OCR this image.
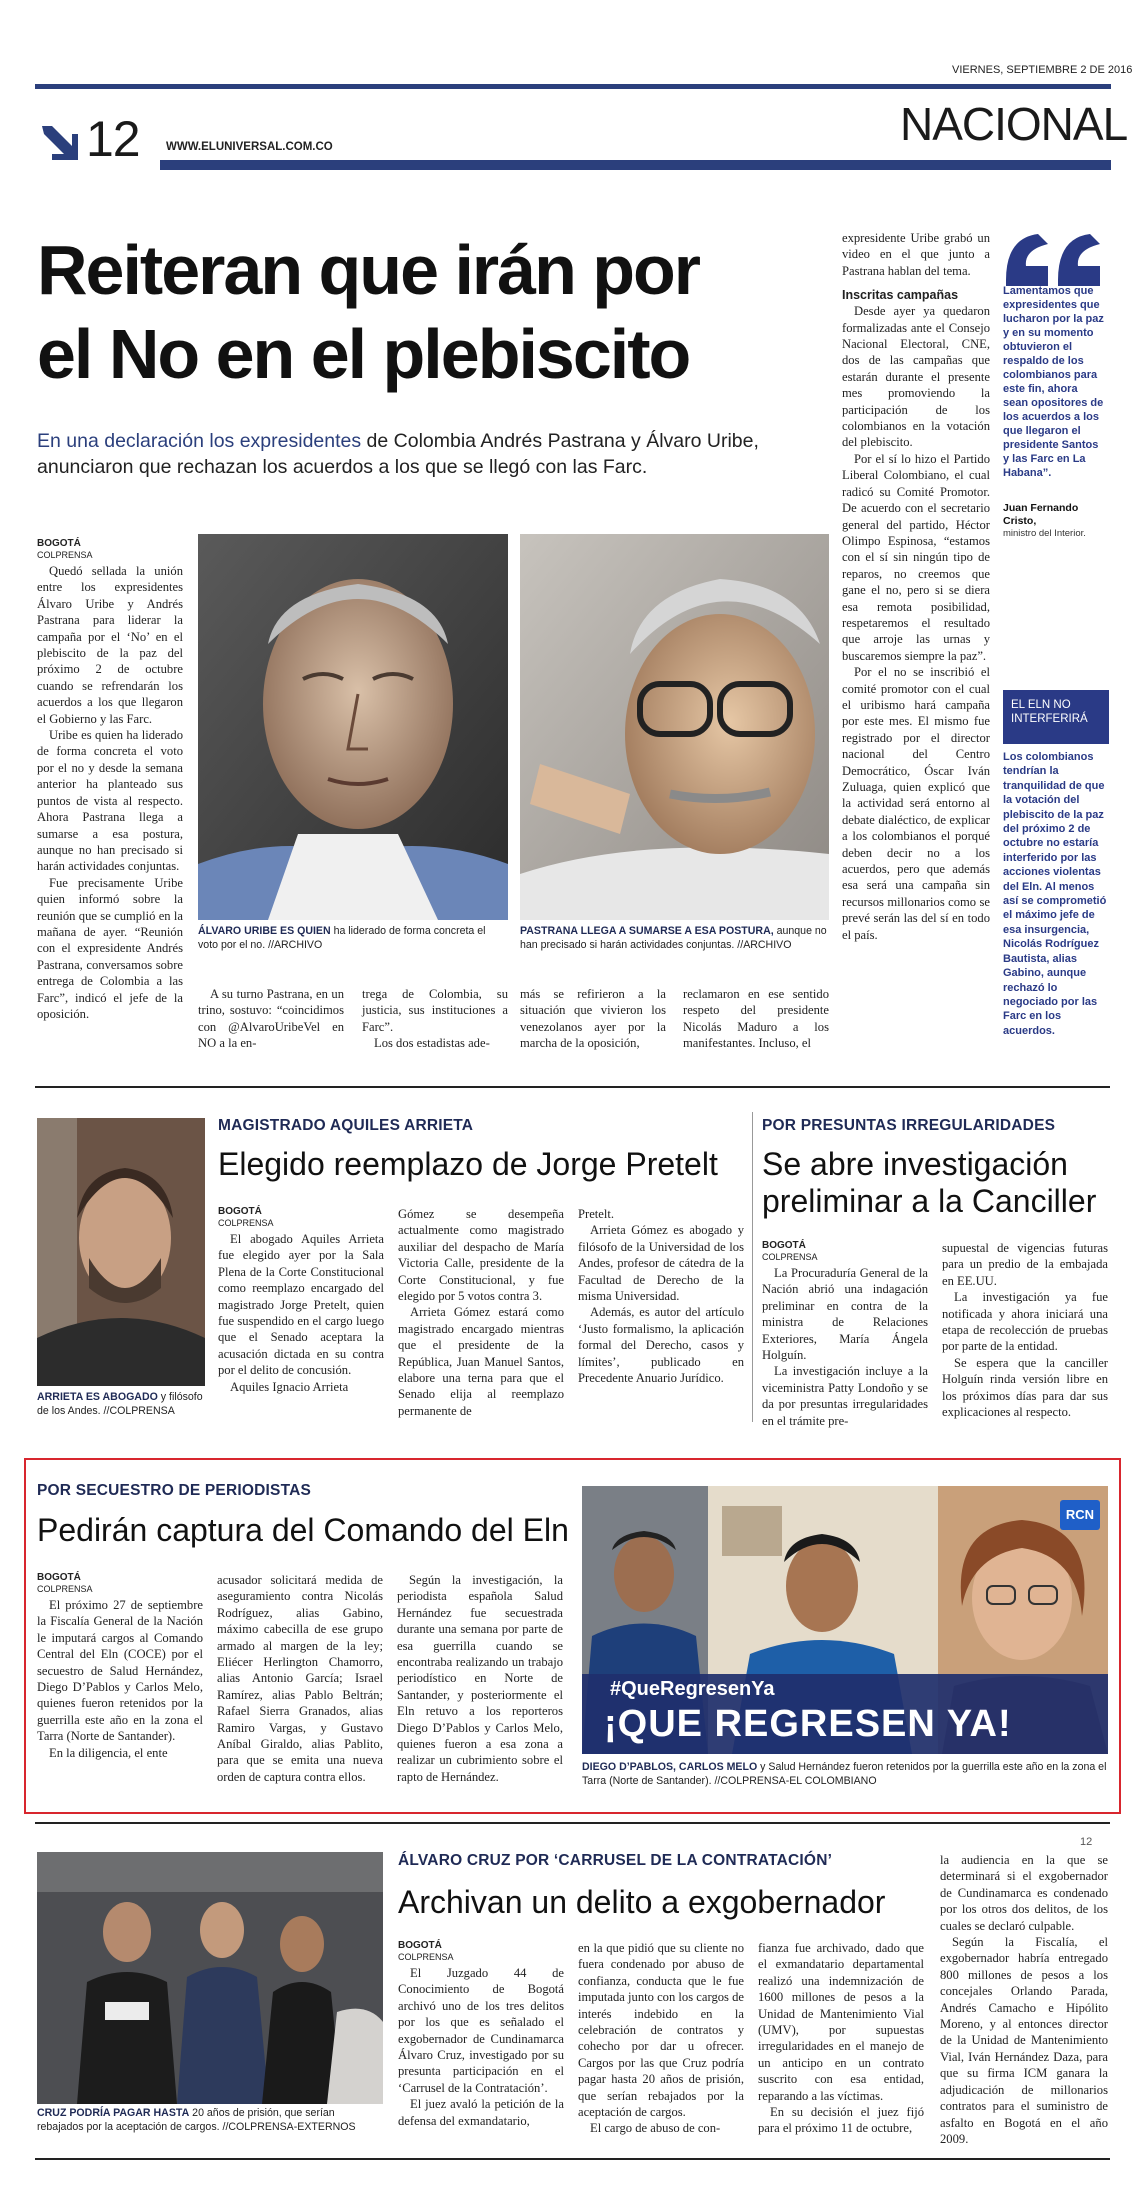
VIERNES, SEPTIEMBRE 2 DE 2016
12 WWW.ELUNIVERSAL.COM.CO	NACIONAL
Reiteran que irán por
el No en el plebiscito
En una declaración los expresidentes de Colombia Andrés Pastrana y Álvaro Uribe, anunciaron que rechazan los acuerdos a los que se llegó con las Farc.
BOGOTÁ
COLPRENSA

Quedó sellada la unión entre los expresidentes Álvaro Uribe y Andrés Pastrana para liderar la campaña por el ‘No’ en el plebiscito de la paz del próximo 2 de octubre cuando se refrendarán los acuerdos a los que llegaron el Gobierno y las Farc.

Uribe es quien ha liderado de forma concreta el voto por el no y desde la semana anterior ha planteado sus puntos de vista al respecto. Ahora Pastrana llega a sumarse a esa postura, aunque no han precisado si harán actividades conjuntas.

Fue precisamente Uribe quien informó sobre la reunión que se cumplió en la mañana de ayer. “Reunión con el expresidente Andrés Pastrana, conversamos sobre entrega de Colombia a las Farc”, indicó el jefe de la oposición.

ÁLVARO URIBE ES QUIEN ha liderado de forma concreta el voto por el no. //ARCHIVO
PASTRANA LLEGA A SUMARSE A ESA POSTURA, aunque no han precisado si harán actividades conjuntas. //ARCHIVO

A su turno Pastrana, en un trino, sostuvo: “coincidimos con @AlvaroUribeVel en NO a la en-

trega de Colombia, su justicia, sus instituciones a Farc”.

Los dos estadistas ade-

más se refirieron a la situación que vivieron los venezolanos ayer por la marcha de la oposición,

reclamaron en ese sentido respeto del presidente Nicolás Maduro a los manifestantes. Incluso, el

expresidente Uribe grabó un video en el que junto a Pastrana hablan del tema.

Inscritas campañas

Desde ayer ya quedaron formalizadas ante el Consejo Nacional Electoral, CNE, dos de las campañas que estarán durante el presente mes promoviendo la participación de los colombianos en la votación del plebiscito.

Por el sí lo hizo el Partido Liberal Colombiano, el cual radicó su Comité Promotor. De acuerdo con el secretario general del partido, Héctor Olimpo Espinosa, “estamos con el sí sin ningún tipo de reparos, no creemos que gane el no, pero si se diera esa remota posibilidad, respetaremos el resultado que arroje las urnas y buscaremos siempre la paz”.

Por el no se inscribió el comité promotor con el cual el uribismo hará campaña por este mes. El mismo fue registrado por el director nacional del Centro Democrático, Óscar Iván Zuluaga, quien explicó que la actividad será entorno al debate dialéctico, de explicar a los colombianos el porqué deben decir no a los acuerdos, pero que además esa será una campaña sin recursos millonarios como se prevé serán las del sí en todo el país.

Lamentamos que expresidentes que lucharon por la paz y en su momento obtuvieron el respaldo de los colombianos para este fin, ahora sean opositores de los acuerdos a los que llegaron el presidente Santos y las Farc en La Habana”.
Juan Fernando Cristo,
ministro del Interior.
EL ELN NO
INTERFERIRÁ
Los colombianos tendrían la tranquilidad de que la votación del plebiscito de la paz del próximo 2 de octubre no estaría interferido por las acciones violentas del Eln. Al menos así se comprometió el máximo jefe de esa insurgencia, Nicolás Rodríguez Bautista, alias Gabino, aunque rechazó lo negociado por las Farc en los acuerdos.
ARRIETA ES ABOGADO y filósofo de los Andes. //COLPRENSA
MAGISTRADO AQUILES ARRIETA
Elegido reemplazo de Jorge Pretelt
BOGOTÁ
COLPRENSA

El abogado Aquiles Arrieta fue elegido ayer por la Sala Plena de la Corte Constitucional como reemplazo encargado del magistrado Jorge Pretelt, quien fue suspendido en el cargo luego que el Senado aceptara la acusación dictada en su contra por el delito de concusión.

Aquiles Ignacio Arrieta

Gómez se desempeña actualmente como magistrado auxiliar del despacho de María Victoria Calle, presidente de la Corte Constitucional, y fue elegido por 5 votos contra 3.

Arrieta Gómez estará como magistrado encargado mientras que el presidente de la República, Juan Manuel Santos, elabore una terna para que el Senado elija al reemplazo permanente de

Pretelt.

Arrieta Gómez es abogado y filósofo de la Universidad de los Andes, profesor de cátedra de la Facultad de Derecho de la misma Universidad.

Además, es autor del artículo ‘Justo formalismo, la aplicación formal del Derecho, casos y límites’, publicado en Precedente Anuario Jurídico.

POR PRESUNTAS IRREGULARIDADES
Se abre investigación
preliminar a la Canciller
BOGOTÁ
COLPRENSA

La Procuraduría General de la Nación abrió una indagación preliminar en contra de la ministra de Relaciones Exteriores, María Ángela Holguín.

La investigación incluye a la viceministra Patty Londoño y se da por presuntas irregularidades en el trámite pre-

supuestal de vigencias futuras para un predio de la embajada en EE.UU.

La investigación ya fue notificada y ahora iniciará una etapa de recolección de pruebas por parte de la entidad.

Se espera que la canciller Holguín rinda versión libre en los próximos días para dar sus explicaciones al respecto.

POR SECUESTRO DE PERIODISTAS
Pedirán captura del Comando del Eln
BOGOTÁ
COLPRENSA

El próximo 27 de septiembre la Fiscalía General de la Nación le imputará cargos al Comando Central del Eln (COCE) por el secuestro de Salud Hernández, Diego D’Pablos y Carlos Melo, quienes fueron retenidos por la guerrilla este año en la zona el Tarra (Norte de Santander).

En la diligencia, el ente

acusador solicitará medida de aseguramiento contra Nicolás Rodríguez, alias Gabino, máximo cabecilla de ese grupo armado al margen de la ley; Eliécer Herlington Chamorro, alias Antonio García; Israel Ramírez, alias Pablo Beltrán; Rafael Sierra Granados, alias Ramiro Vargas, y Gustavo Aníbal Giraldo, alias Pablito, para que se emita una nueva orden de captura contra ellos.

Según la investigación, la periodista española Salud Hernández fue secuestrada durante una semana por parte de esa guerrilla cuando se encontraba realizando un trabajo periodístico en Norte de Santander, y posteriormente el Eln retuvo a los reporteros Diego D’Pablos y Carlos Melo, quienes fueron a esa zona a realizar un cubrimiento sobre el rapto de Hernández.

#QueRegresenYa
¡QUE REGRESEN YA!
RCN
DIEGO D’PABLOS, CARLOS MELO y Salud Hernández fueron retenidos por la guerrilla este año en la zona el Tarra (Norte de Santander). //COLPRENSA-EL COLOMBIANO
CRUZ PODRÍA PAGAR HASTA 20 años de prisión, que serían rebajados por la aceptación de cargos. //COLPRENSA-EXTERNOS
ÁLVARO CRUZ POR ‘CARRUSEL DE LA CONTRATACIÓN’
Archivan un delito a exgobernador
BOGOTÁ
COLPRENSA

El Juzgado 44 de Conocimiento de Bogotá archivó uno de los tres delitos por los que es señalado el exgobernador de Cundinamarca Álvaro Cruz, investigado por su presunta participación en el ‘Carrusel de la Contratación’.

El juez avaló la petición de la defensa del exmandatario,

en la que pidió que su cliente no fuera condenado por abuso de confianza, conducta que le fue imputada junto con los cargos de interés indebido en la celebración de contratos y cohecho por dar u ofrecer. Cargos por las que Cruz podría pagar hasta 20 años de prisión, que serían rebajados por la aceptación de cargos.

El cargo de abuso de con-

fianza fue archivado, dado que el exmandatario departamental realizó una indemnización de 1600 millones de pesos a la Unidad de Mantenimiento Vial (UMV), por supuestas irregularidades en el manejo de un anticipo en un contrato suscrito con esa entidad, reparando a las víctimas.

En su decisión el juez fijó para el próximo 11 de octubre,

la audiencia en la que se determinará si el exgobernador de Cundinamarca es condenado por los otros dos delitos, de los cuales se declaró culpable.

Según la Fiscalía, el exgobernador habría entregado 800 millones de pesos a los concejales Orlando Parada, Andrés Camacho e Hipólito Moreno, y al entonces director de la Unidad de Mantenimiento Vial, Iván Hernández Daza, para que su firma ICM ganara la adjudicación de millonarios contratos para el suministro de asfalto en Bogotá en el año 2009.

12
